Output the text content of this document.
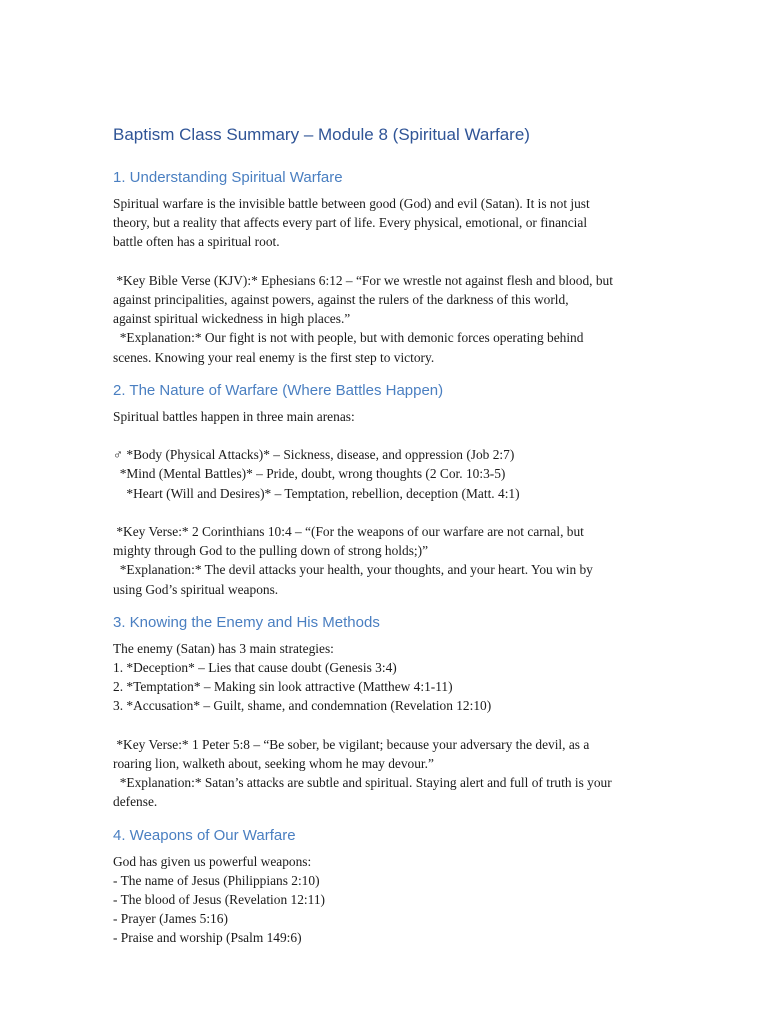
Baptism Class Summary – Module 8 (Spiritual Warfare)
1. Understanding Spiritual Warfare

Spiritual warfare is the invisible battle between good (God) and evil (Satan). It is not just
theory, but a reality that affects every part of life. Every physical, emotional, or financial
battle often has a spiritual root.

*Key Bible Verse (KJV):* Ephesians 6:12 – “For we wrestle not against flesh and blood, but
against principalities, against powers, against the rulers of the darkness of this world,
against spiritual wickedness in high places.”
*Explanation:* Our fight is not with people, but with demonic forces operating behind
scenes. Knowing your real enemy is the first step to victory.

2. The Nature of Warfare (Where Battles Happen)

Spiritual battles happen in three main arenas:

♂ *Body (Physical Attacks)* – Sickness, disease, and oppression (Job 2:7)
*Mind (Mental Battles)* – Pride, doubt, wrong thoughts (2 Cor. 10:3-5)
*Heart (Will and Desires)* – Temptation, rebellion, deception (Matt. 4:1)

*Key Verse:* 2 Corinthians 10:4 – “(For the weapons of our warfare are not carnal, but
mighty through God to the pulling down of strong holds;)”
*Explanation:* The devil attacks your health, your thoughts, and your heart. You win by
using God’s spiritual weapons.

3. Knowing the Enemy and His Methods

The enemy (Satan) has 3 main strategies:
1. *Deception* – Lies that cause doubt (Genesis 3:4)
2. *Temptation* – Making sin look attractive (Matthew 4:1-11)
3. *Accusation* – Guilt, shame, and condemnation (Revelation 12:10)

*Key Verse:* 1 Peter 5:8 – “Be sober, be vigilant; because your adversary the devil, as a
roaring lion, walketh about, seeking whom he may devour.”
*Explanation:* Satan’s attacks are subtle and spiritual. Staying alert and full of truth is your
defense.

4. Weapons of Our Warfare

God has given us powerful weapons:
- The name of Jesus (Philippians 2:10)
- The blood of Jesus (Revelation 12:11)
- Prayer (James 5:16)
- Praise and worship (Psalm 149:6)
